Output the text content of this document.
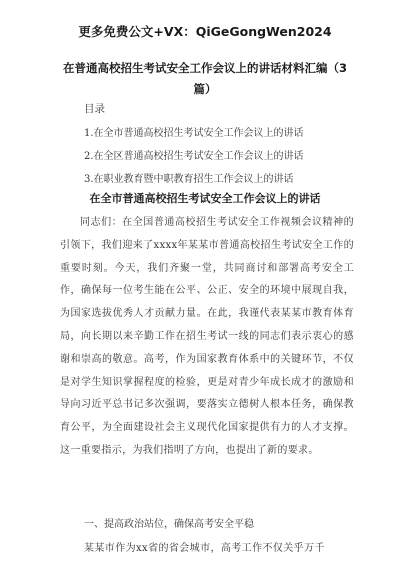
更多免费公文+VX：QiGeGongWen2024
在普通高校招生考试安全工作会议上的讲话材料汇编（3篇）
目录
1.在全市普通高校招生考试安全工作会议上的讲话
2.在全区普通高校招生考试安全工作会议上的讲话
3.在职业教育暨中职教育招生工作会议上的讲话
在全市普通高校招生考试安全工作会议上的讲话
同志们：在全国普通高校招生考试安全工作视频会议精神的引领下，我们迎来了xxxx年某某市普通高校招生考试安全工作的重要时刻。今天，我们齐聚一堂，共同商讨和部署高考安全工作，确保每一位考生能在公平、公正、安全的环境中展现自我，为国家选拔优秀人才贡献力量。在此，我谨代表某某市教育体育局，向长期以来辛勤工作在招生考试一线的同志们表示衷心的感谢和崇高的敬意。高考，作为国家教育体系中的关键环节，不仅是对学生知识掌握程度的检验，更是对青少年成长成才的激励和导向习近平总书记多次强调，要落实立德树人根本任务，确保教育公平，为全面建设社会主义现代化国家提供有力的人才支撑。这一重要指示，为我们指明了方向，也提出了新的要求。
一、提高政治站位，确保高考安全平稳
某某市作为xx省的省会城市，高考工作不仅关乎万千
